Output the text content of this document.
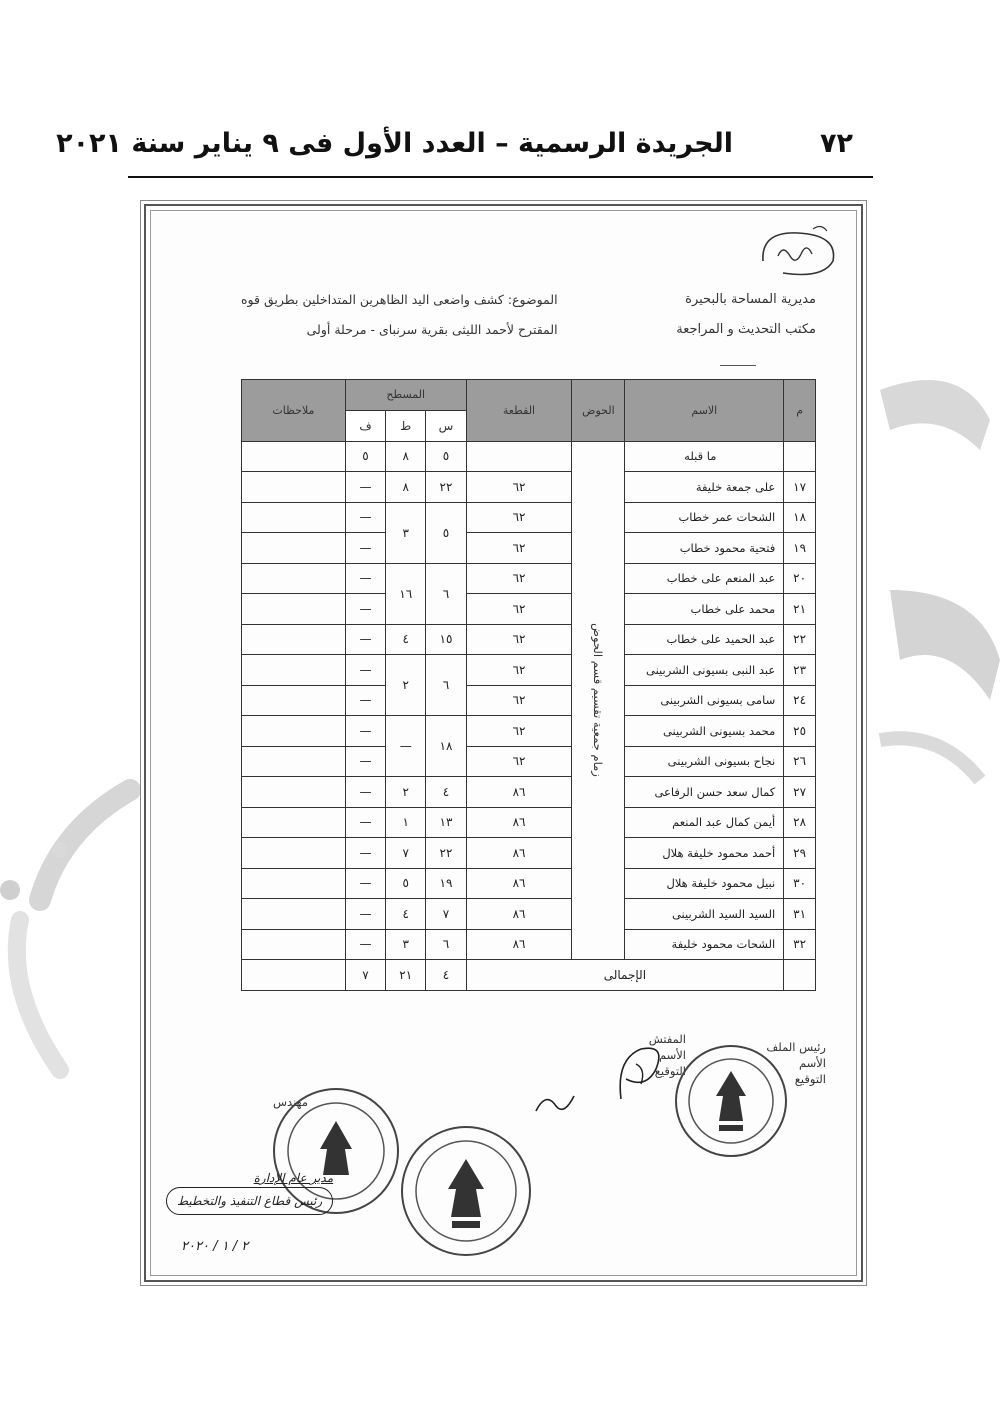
٧٢
الجريدة الرسمية – العدد الأول فى ٩ يناير سنة ٢٠٢١
مديرية المساحة بالبحيرة
مكتب التحديث و المراجعة
الموضوع: كشف واضعى اليد الظاهرين المتداخلين بطريق قوه
المقترح لأحمد الليثى بقرية سرنباى - مرحلة أولى
م	الاسم	الحوض	القطعة	المسطح			ملاحظات
				س	ط	ف	
	ما قبله	زمام جمعية تقسيم قسم الحوض		٥	٨	٥	
١٧	على جمعة خليفة		٦٢	٢٢	٨	—	
١٨	الشحات عمر خطاب		٦٢	٥	٣	—	
١٩	فتحية محمود خطاب		٦٢			—	
٢٠	عبد المنعم على خطاب		٦٢	٦	١٦	—	
٢١	محمد على خطاب		٦٢			—	
٢٢	عبد الحميد على خطاب		٦٢	١٥	٤	—	
٢٣	عبد النبى بسيونى الشربينى		٦٢	٦	٢	—	
٢٤	سامى بسيونى الشربينى		٦٢			—	
٢٥	محمد بسيونى الشربينى		٦٢	١٨	—	—	
٢٦	نجاح بسيونى الشربينى		٦٢			—	
٢٧	كمال سعد حسن الرفاعى		٨٦	٤	٢	—	
٢٨	أيمن كمال عبد المنعم		٨٦	١٣	١	—	
٢٩	أحمد محمود خليفة هلال		٨٦	٢٢	٧	—	
٣٠	نبيل محمود خليفة هلال		٨٦	١٩	٥	—	
٣١	السيد السيد الشربينى		٨٦	٧	٤	—	
٣٢	الشحات محمود خليفة		٨٦	٦	٣	—	
	الإجمالى			٤	٢١	٧	
رئيس الملف
الأسم
التوقيع
المفتش
الأسم
التوقيع
مهندس
مدير عام الإدارة
رئيس قطاع التنفيذ والتخطيط
٢ / ١ / ٢٠٢٠
